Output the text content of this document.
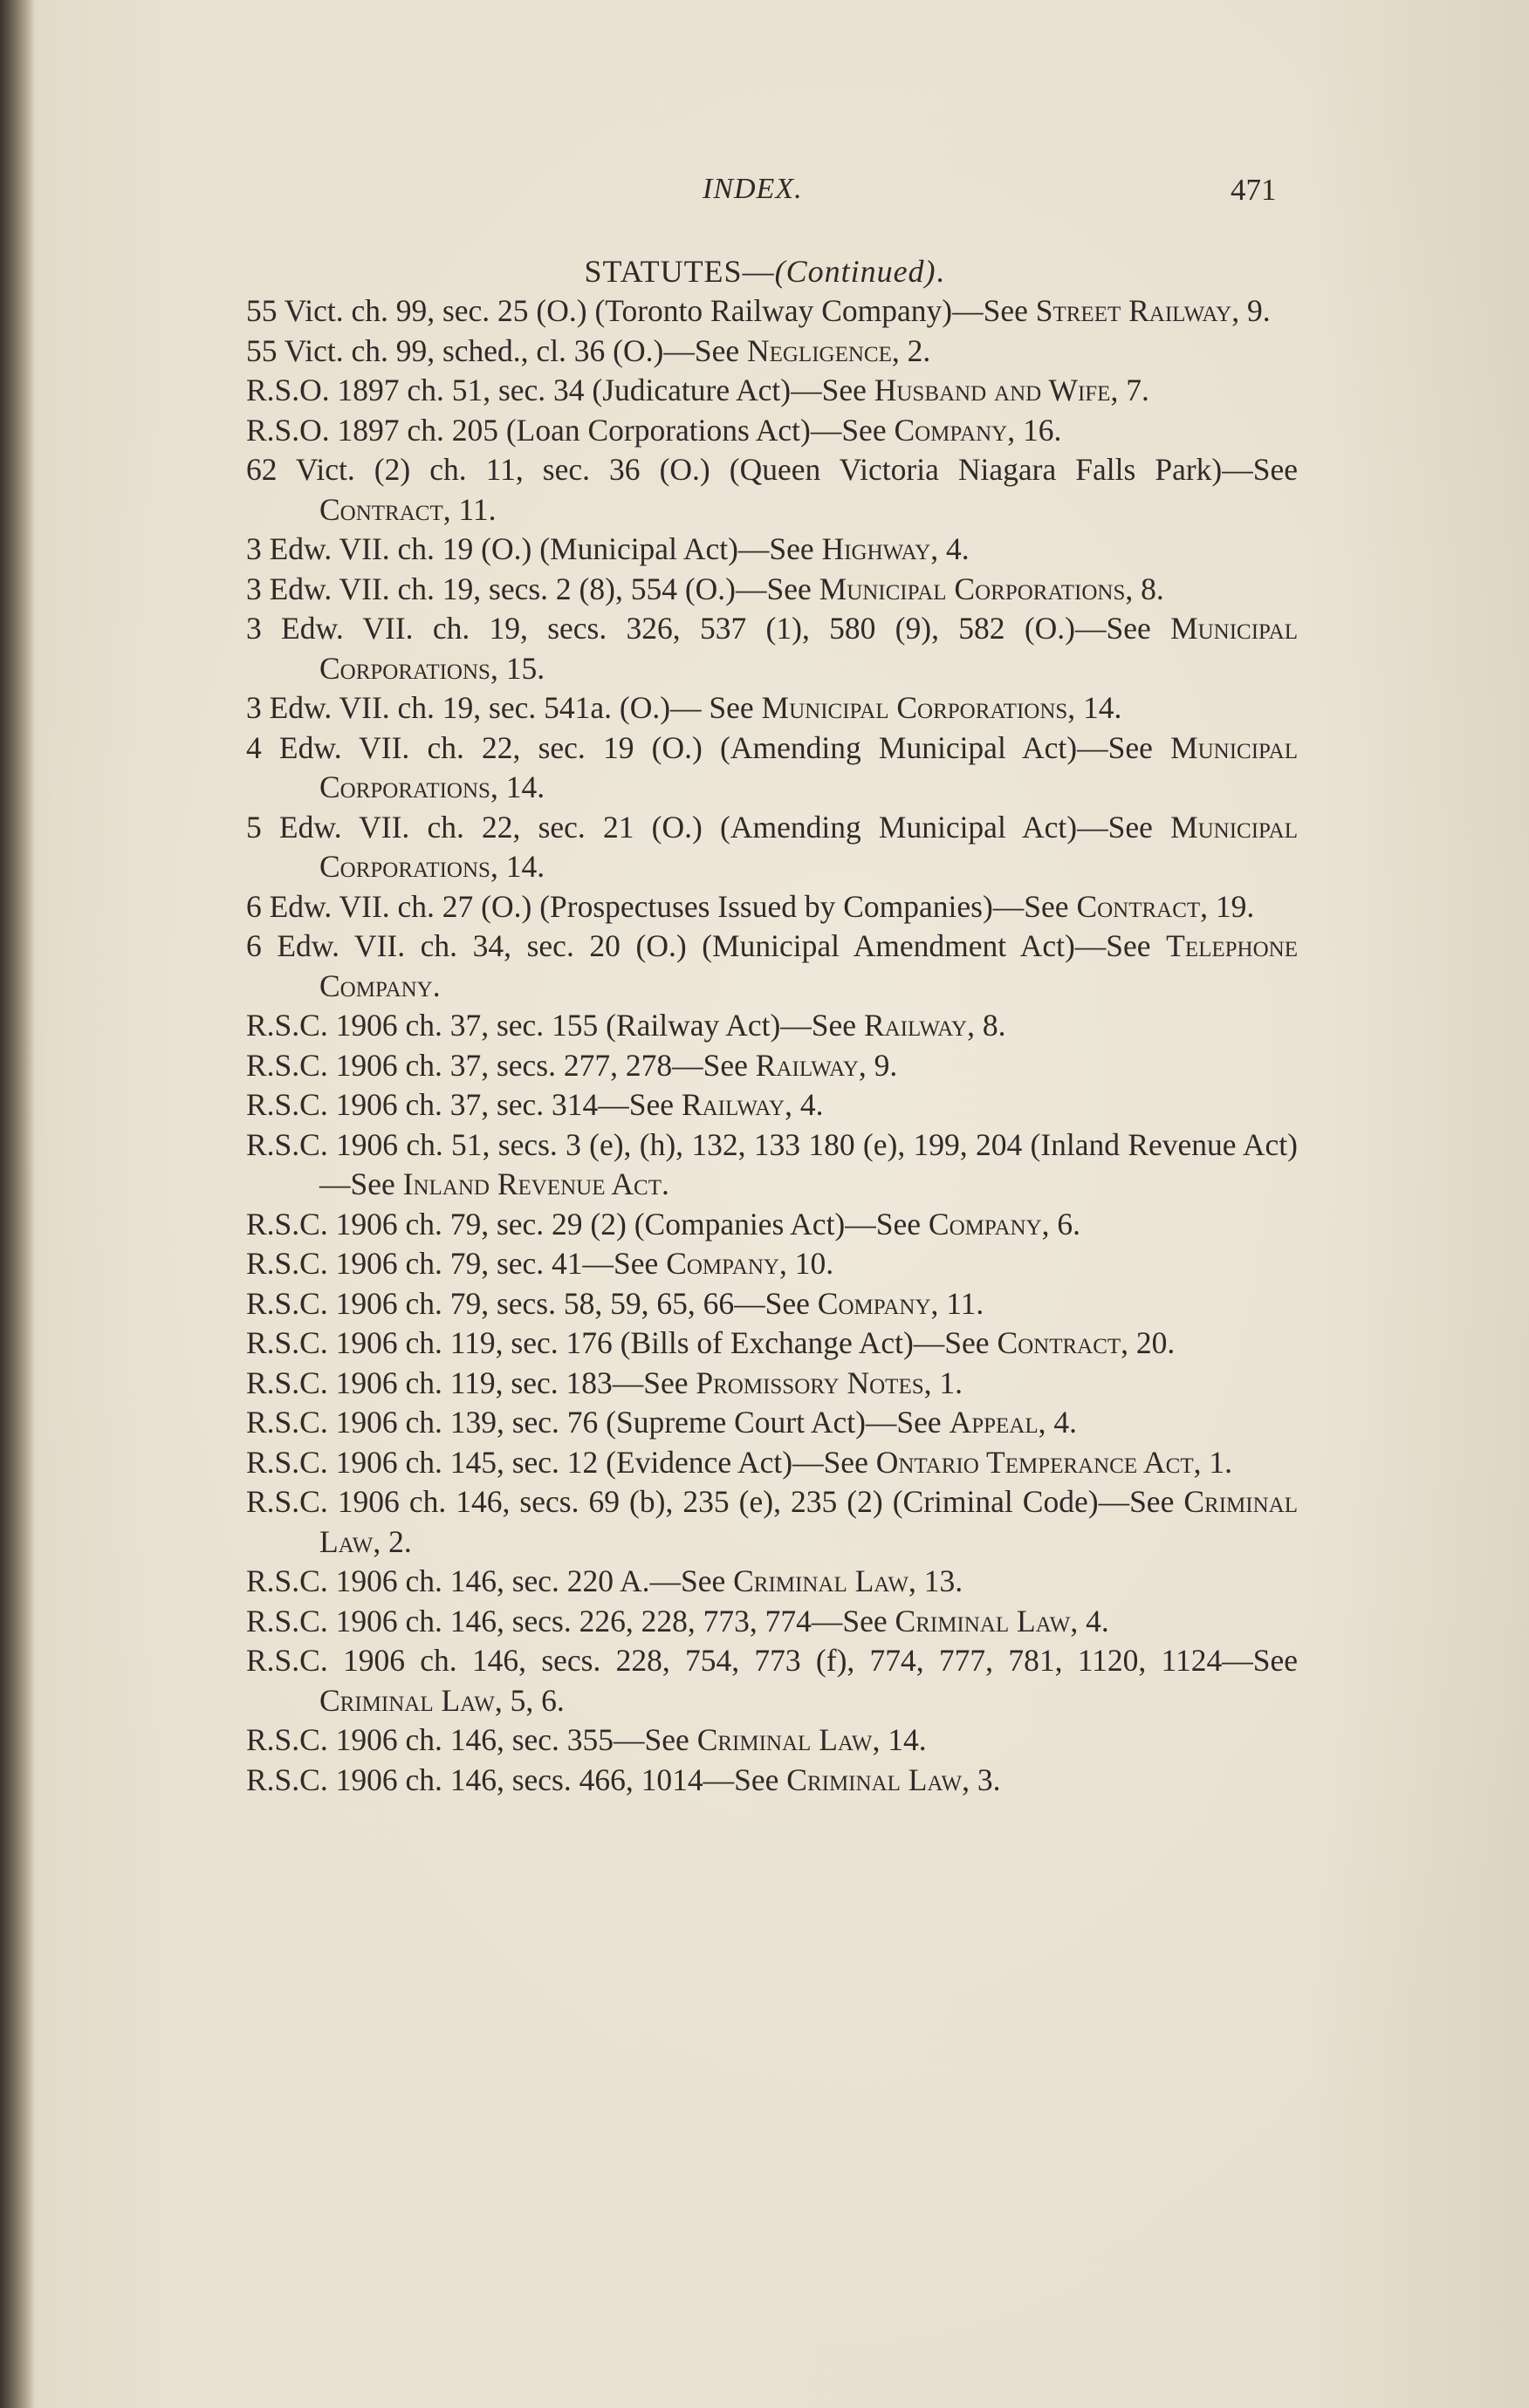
INDEX.	471
STATUTES—(Continued).

55 Vict. ch. 99, sec. 25 (O.) (Toronto Railway Company)—See Street Railway, 9.

55 Vict. ch. 99, sched., cl. 36 (O.)—See Negligence, 2.

R.S.O. 1897 ch. 51, sec. 34 (Judicature Act)—See Husband and Wife, 7.

R.S.O. 1897 ch. 205 (Loan Corporations Act)—See Company, 16.

62 Vict. (2) ch. 11, sec. 36 (O.) (Queen Victoria Niagara Falls Park)—See Contract, 11.

3 Edw. VII. ch. 19 (O.) (Municipal Act)—See Highway, 4.

3 Edw. VII. ch. 19, secs. 2 (8), 554 (O.)—See Municipal Corporations, 8.

3 Edw. VII. ch. 19, secs. 326, 537 (1), 580 (9), 582 (O.)—See Municipal Corporations, 15.

3 Edw. VII. ch. 19, sec. 541a. (O.)— See Municipal Corporations, 14.

4 Edw. VII. ch. 22, sec. 19 (O.) (Amending Municipal Act)—See Municipal Corporations, 14.

5 Edw. VII. ch. 22, sec. 21 (O.) (Amending Municipal Act)—See Municipal Corporations, 14.

6 Edw. VII. ch. 27 (O.) (Prospectuses Issued by Companies)—See Contract, 19.

6 Edw. VII. ch. 34, sec. 20 (O.) (Municipal Amendment Act)—See Telephone Company.

R.S.C. 1906 ch. 37, sec. 155 (Railway Act)—See Railway, 8.

R.S.C. 1906 ch. 37, secs. 277, 278—See Railway, 9.

R.S.C. 1906 ch. 37, sec. 314—See Railway, 4.

R.S.C. 1906 ch. 51, secs. 3 (e), (h), 132, 133 180 (e), 199, 204 (Inland Revenue Act)—See Inland Revenue Act.

R.S.C. 1906 ch. 79, sec. 29 (2) (Companies Act)—See Company, 6.

R.S.C. 1906 ch. 79, sec. 41—See Company, 10.

R.S.C. 1906 ch. 79, secs. 58, 59, 65, 66—See Company, 11.

R.S.C. 1906 ch. 119, sec. 176 (Bills of Exchange Act)—See Contract, 20.

R.S.C. 1906 ch. 119, sec. 183—See Promissory Notes, 1.

R.S.C. 1906 ch. 139, sec. 76 (Supreme Court Act)—See Appeal, 4.

R.S.C. 1906 ch. 145, sec. 12 (Evidence Act)—See Ontario Temperance Act, 1.

R.S.C. 1906 ch. 146, secs. 69 (b), 235 (e), 235 (2) (Criminal Code)—See Criminal Law, 2.

R.S.C. 1906 ch. 146, sec. 220 A.—See Criminal Law, 13.

R.S.C. 1906 ch. 146, secs. 226, 228, 773, 774—See Criminal Law, 4.

R.S.C. 1906 ch. 146, secs. 228, 754, 773 (f), 774, 777, 781, 1120, 1124—See Criminal Law, 5, 6.

R.S.C. 1906 ch. 146, sec. 355—See Criminal Law, 14.

R.S.C. 1906 ch. 146, secs. 466, 1014—See Criminal Law, 3.
